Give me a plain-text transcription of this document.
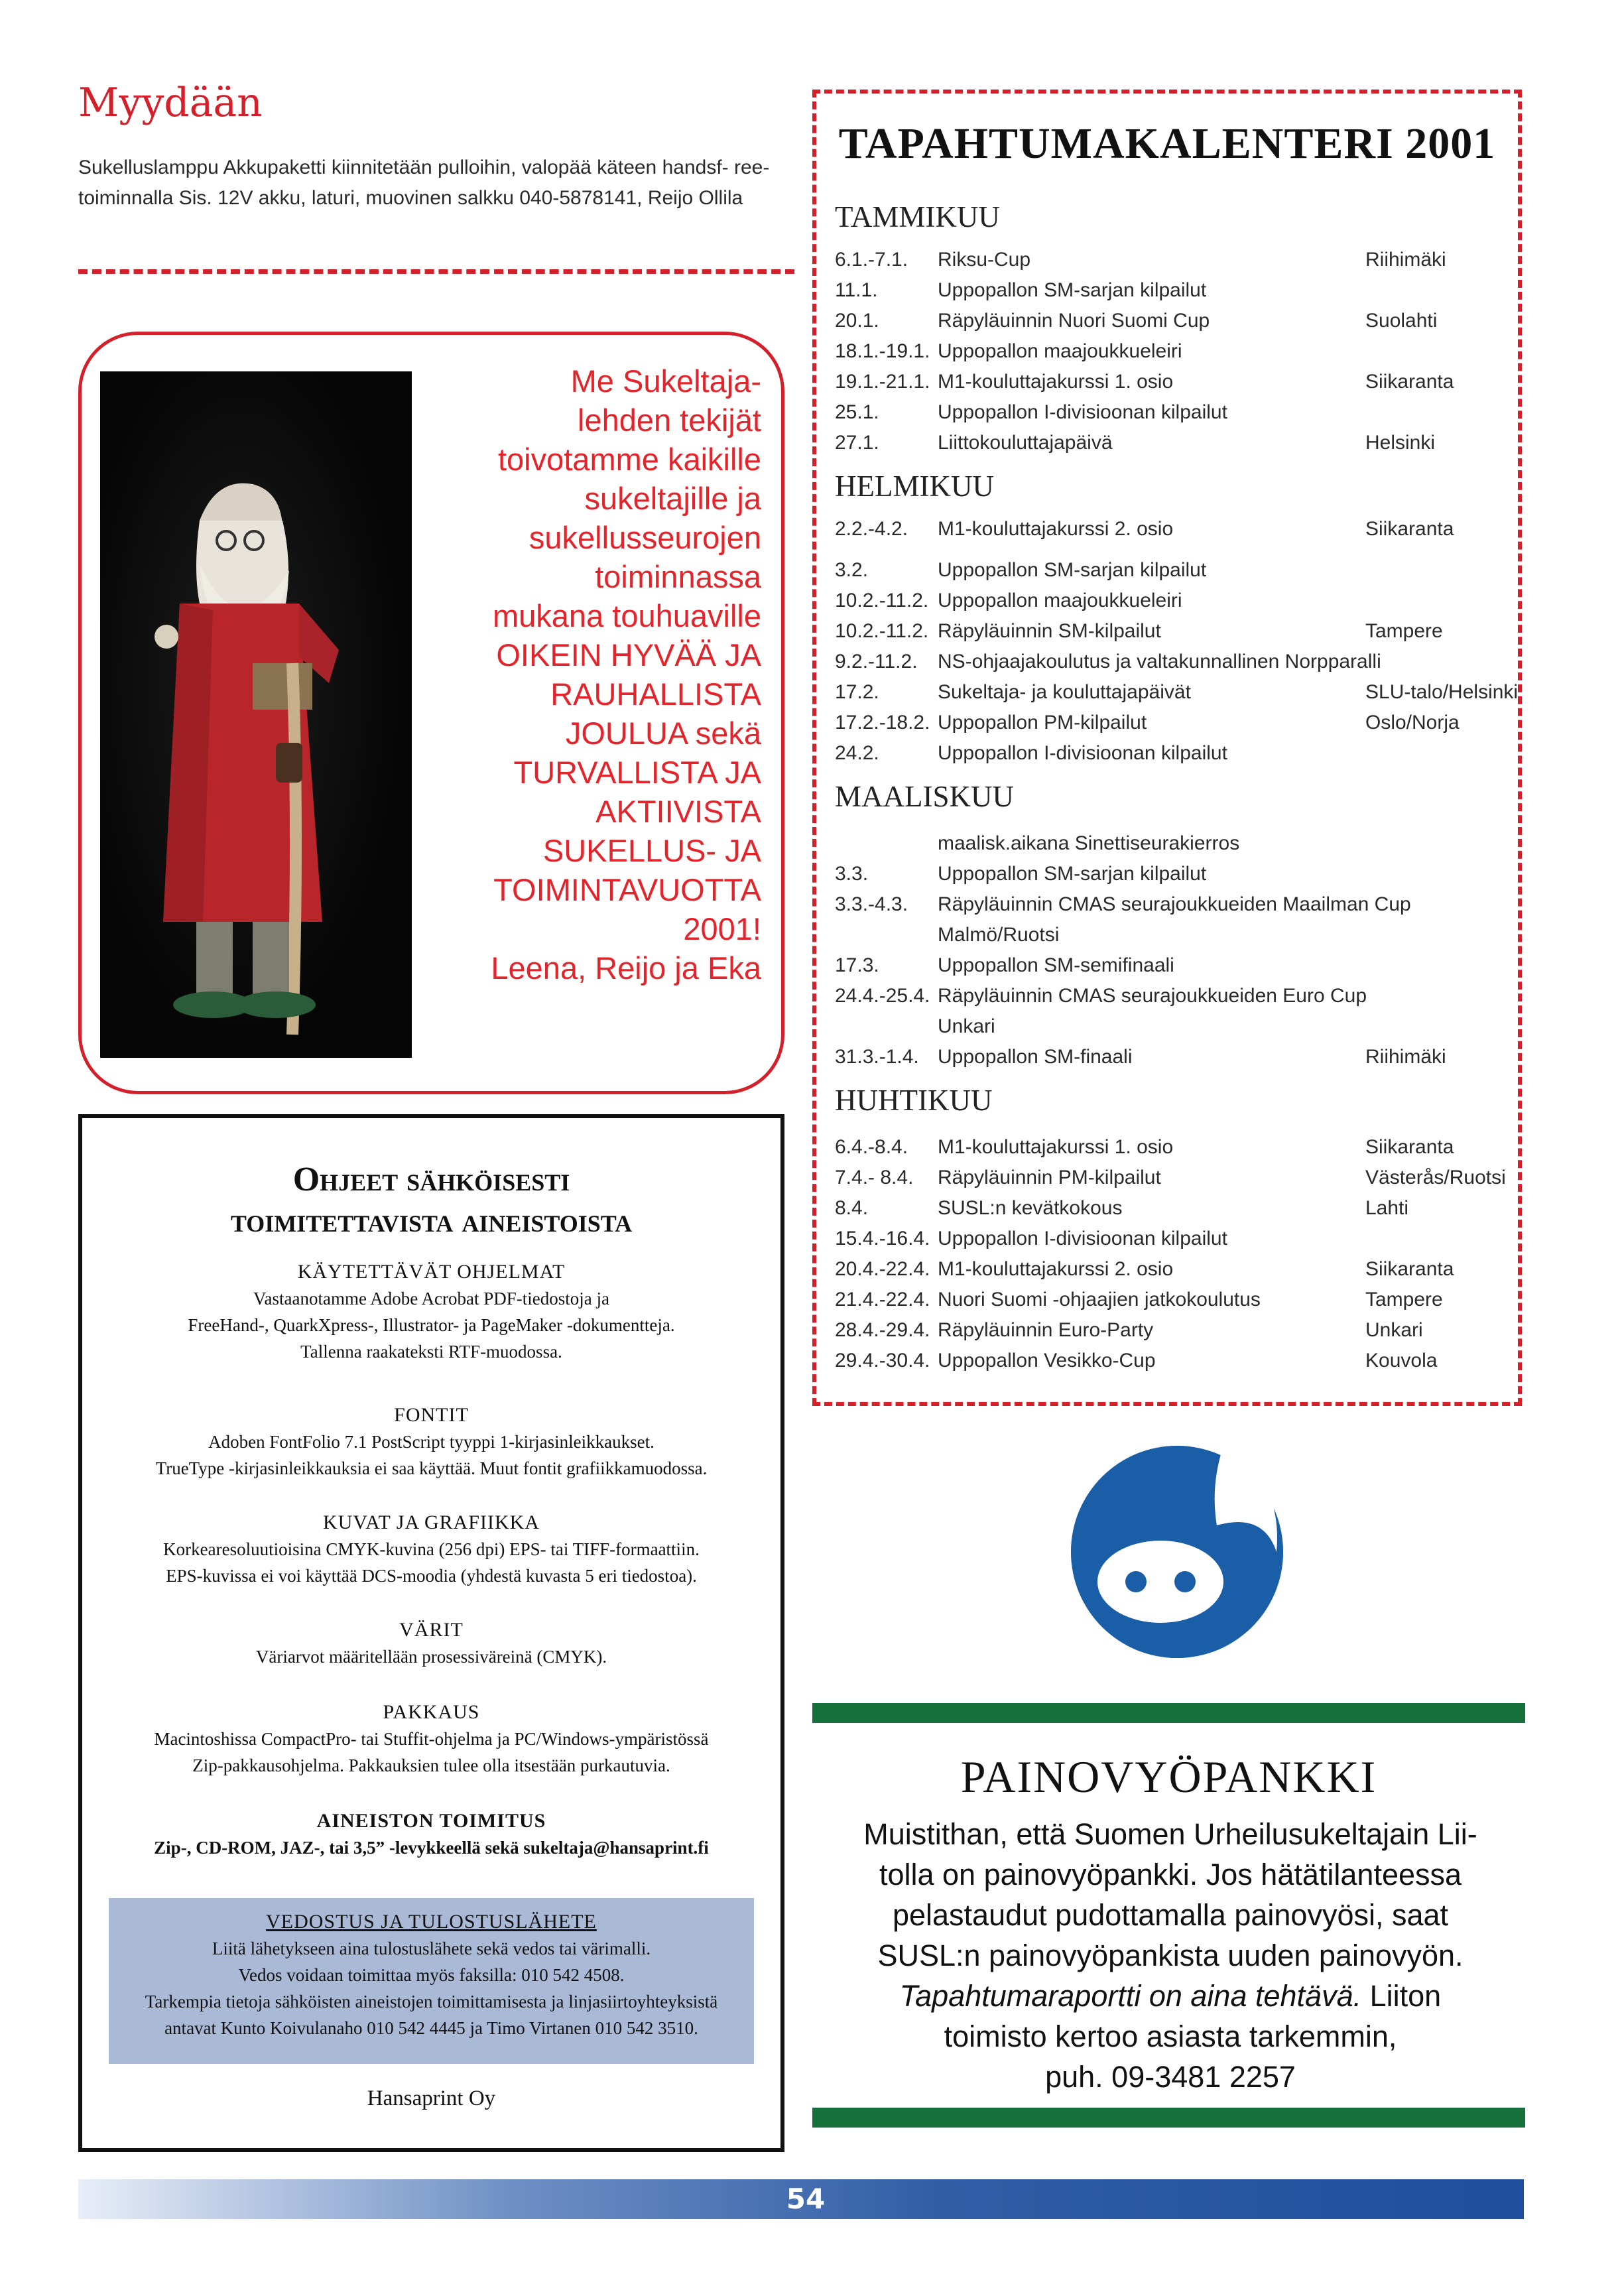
Myydään
Sukelluslamppu Akkupaketti kiinnitetään pulloihin, valopää käteen handsf- ree-toiminnalla Sis. 12V akku, laturi, muovinen salkku 040-5878141, Reijo Ollila
Me Sukeltaja-
lehden tekijät
toivotamme kaikille
sukeltajille ja
sukellusseurojen
toiminnassa
mukana touhuaville
OIKEIN HYVÄÄ JA
RAUHALLISTA
JOULUA sekä
TURVALLISTA JA
AKTIIVISTA
SUKELLUS- JA
TOIMINTAVUOTTA
2001!
Leena, Reijo ja Eka
Ohjeet sähköisesti
toimitettavista aineistoista
KÄYTETTÄVÄT OHJELMAT
Vastaanotamme Adobe Acrobat PDF-tiedostoja ja
FreeHand-, QuarkXpress-, Illustrator- ja PageMaker -dokumentteja.
Tallenna raakateksti RTF-muodossa.
FONTIT
Adoben FontFolio 7.1 PostScript tyyppi 1-kirjasinleikkaukset.
TrueType -kirjasinleikkauksia ei saa käyttää. Muut fontit grafiikkamuodossa.
KUVAT JA GRAFIIKKA
Korkearesoluutioisina CMYK-kuvina (256 dpi) EPS- tai TIFF-formaattiin.
EPS-kuvissa ei voi käyttää DCS-moodia (yhdestä kuvasta 5 eri tiedostoa).
VÄRIT
Väriarvot määritellään prosessiväreinä (CMYK).
PAKKAUS
Macintoshissa CompactPro- tai Stuffit-ohjelma ja PC/Windows-ympäristössä
Zip-pakkausohjelma. Pakkauksien tulee olla itsestään purkautuvia.
AINEISTON TOIMITUS
Zip-, CD-ROM, JAZ-, tai 3,5” -levykkeellä sekä sukeltaja@hansaprint.fi
VEDOSTUS JA TULOSTUSLÄHETE
Liitä lähetykseen aina tulostuslähete sekä vedos tai värimalli.
Vedos voidaan toimittaa myös faksilla: 010 542 4508.
Tarkempia tietoja sähköisten aineistojen toimittamisesta ja linjasiirtoyhteyksistä
antavat Kunto Koivulanaho 010 542 4445 ja Timo Virtanen 010 542 3510.
Hansaprint Oy
TAPAHTUMAKALENTERI 2001
TAMMIKUU
6.1.-7.1. Riksu-Cup	Riihimäki
11.1.	Uppopallon SM-sarjan kilpailut
20.1.	Räpyläuinnin Nuori Suomi Cup	Suolahti
18.1.-19.1. Uppopallon maajoukkueleiri
19.1.-21.1. M1-kouluttajakurssi 1. osio	Siikaranta
25.1.	Uppopallon I-divisioonan kilpailut
27.1.	Liittokouluttajapäivä	Helsinki
HELMIKUU
2.2.-4.2. M1-kouluttajakurssi 2. osio	Siikaranta
3.2.	Uppopallon SM-sarjan kilpailut
10.2.-11.2. Uppopallon maajoukkueleiri
10.2.-11.2. Räpyläuinnin SM-kilpailut	Tampere
9.2.-11.2. NS-ohjaajakoulutus ja valtakunnallinen Norpparalli
17.2.	Sukeltaja- ja kouluttajapäivät	SLU-talo/Helsinki
17.2.-18.2. Uppopallon PM-kilpailut	Oslo/Norja
24.2.	Uppopallon I-divisioonan kilpailut
MAALISKUU
maalisk.aikana Sinettiseurakierros
3.3.	Uppopallon SM-sarjan kilpailut
3.3.-4.3. Räpyläuinnin CMAS seurajoukkueiden Maailman Cup
Malmö/Ruotsi
17.3.	Uppopallon SM-semifinaali
24.4.-25.4. Räpyläuinnin CMAS seurajoukkueiden Euro Cup
Unkari
31.3.-1.4. Uppopallon SM-finaali	Riihimäki
HUHTIKUU
6.4.-8.4. M1-kouluttajakurssi 1. osio	Siikaranta
7.4.- 8.4. Räpyläuinnin PM-kilpailut	Västerås/Ruotsi
8.4.	SUSL:n kevätkokous	Lahti
15.4.-16.4. Uppopallon I-divisioonan kilpailut
20.4.-22.4. M1-kouluttajakurssi 2. osio	Siikaranta
21.4.-22.4. Nuori Suomi -ohjaajien jatkokoulutus	Tampere
28.4.-29.4. Räpyläuinnin Euro-Party	Unkari
29.4.-30.4. Uppopallon Vesikko-Cup	Kouvola
PAINOVYÖPANKKI
Muistithan, että Suomen Urheilusukeltajain Lii-
tolla on painovyöpankki. Jos hätätilanteessa
pelastaudut pudottamalla painovyösi, saat
SUSL:n painovyöpankista uuden painovyön.
Tapahtumaraportti on aina tehtävä. Liiton
toimisto kertoo asiasta tarkemmin,
puh. 09-3481 2257
54
